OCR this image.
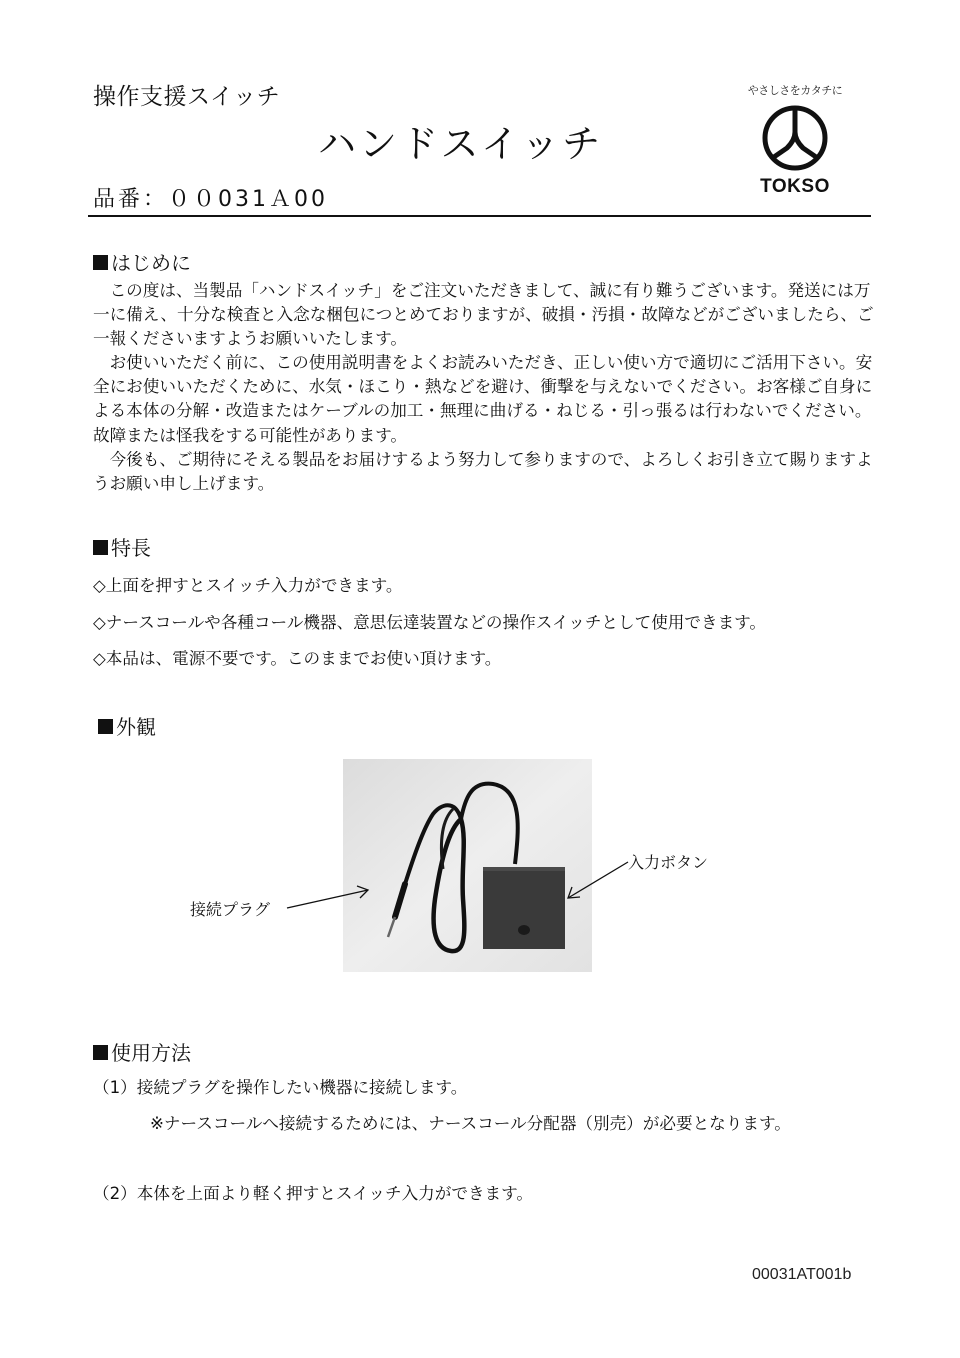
操作支援スイッチ
ハンドスイッチ
品番：００031Ａ00
やさしさをカタチに
TOKSO
はじめに

　この度は、当製品「ハンドスイッチ」をご注文いただきまして、誠に有り難うございます。発送には万一に備え、十分な検査と入念な梱包につとめておりますが、破損・汚損・故障などがございましたら、ご一報くださいますようお願いいたします。

　お使いいただく前に、この使用説明書をよくお読みいただき、正しい使い方で適切にご活用下さい。安全にお使いいただくために、水気・ほこり・熱などを避け、衝撃を与えないでください。お客様ご自身による本体の分解・改造またはケーブルの加工・無理に曲げる・ねじる・引っ張るは行わないでください。故障または怪我をする可能性があります。

　今後も、ご期待にそえる製品をお届けするよう努力して参りますので、よろしくお引き立て賜りますようお願い申し上げます。

特長
◇上面を押すとスイッチ入力ができます。
◇ナースコールや各種コール機器、意思伝達装置などの操作スイッチとして使用できます。
◇本品は、電源不要です。このままでお使い頂けます。
外観
接続プラグ
入力ボタン
使用方法
（1）接続プラグを操作したい機器に接続します。
※ナースコールへ接続するためには、ナースコール分配器（別売）が必要となります。
（2）本体を上面より軽く押すとスイッチ入力ができます。
00031AT001b
